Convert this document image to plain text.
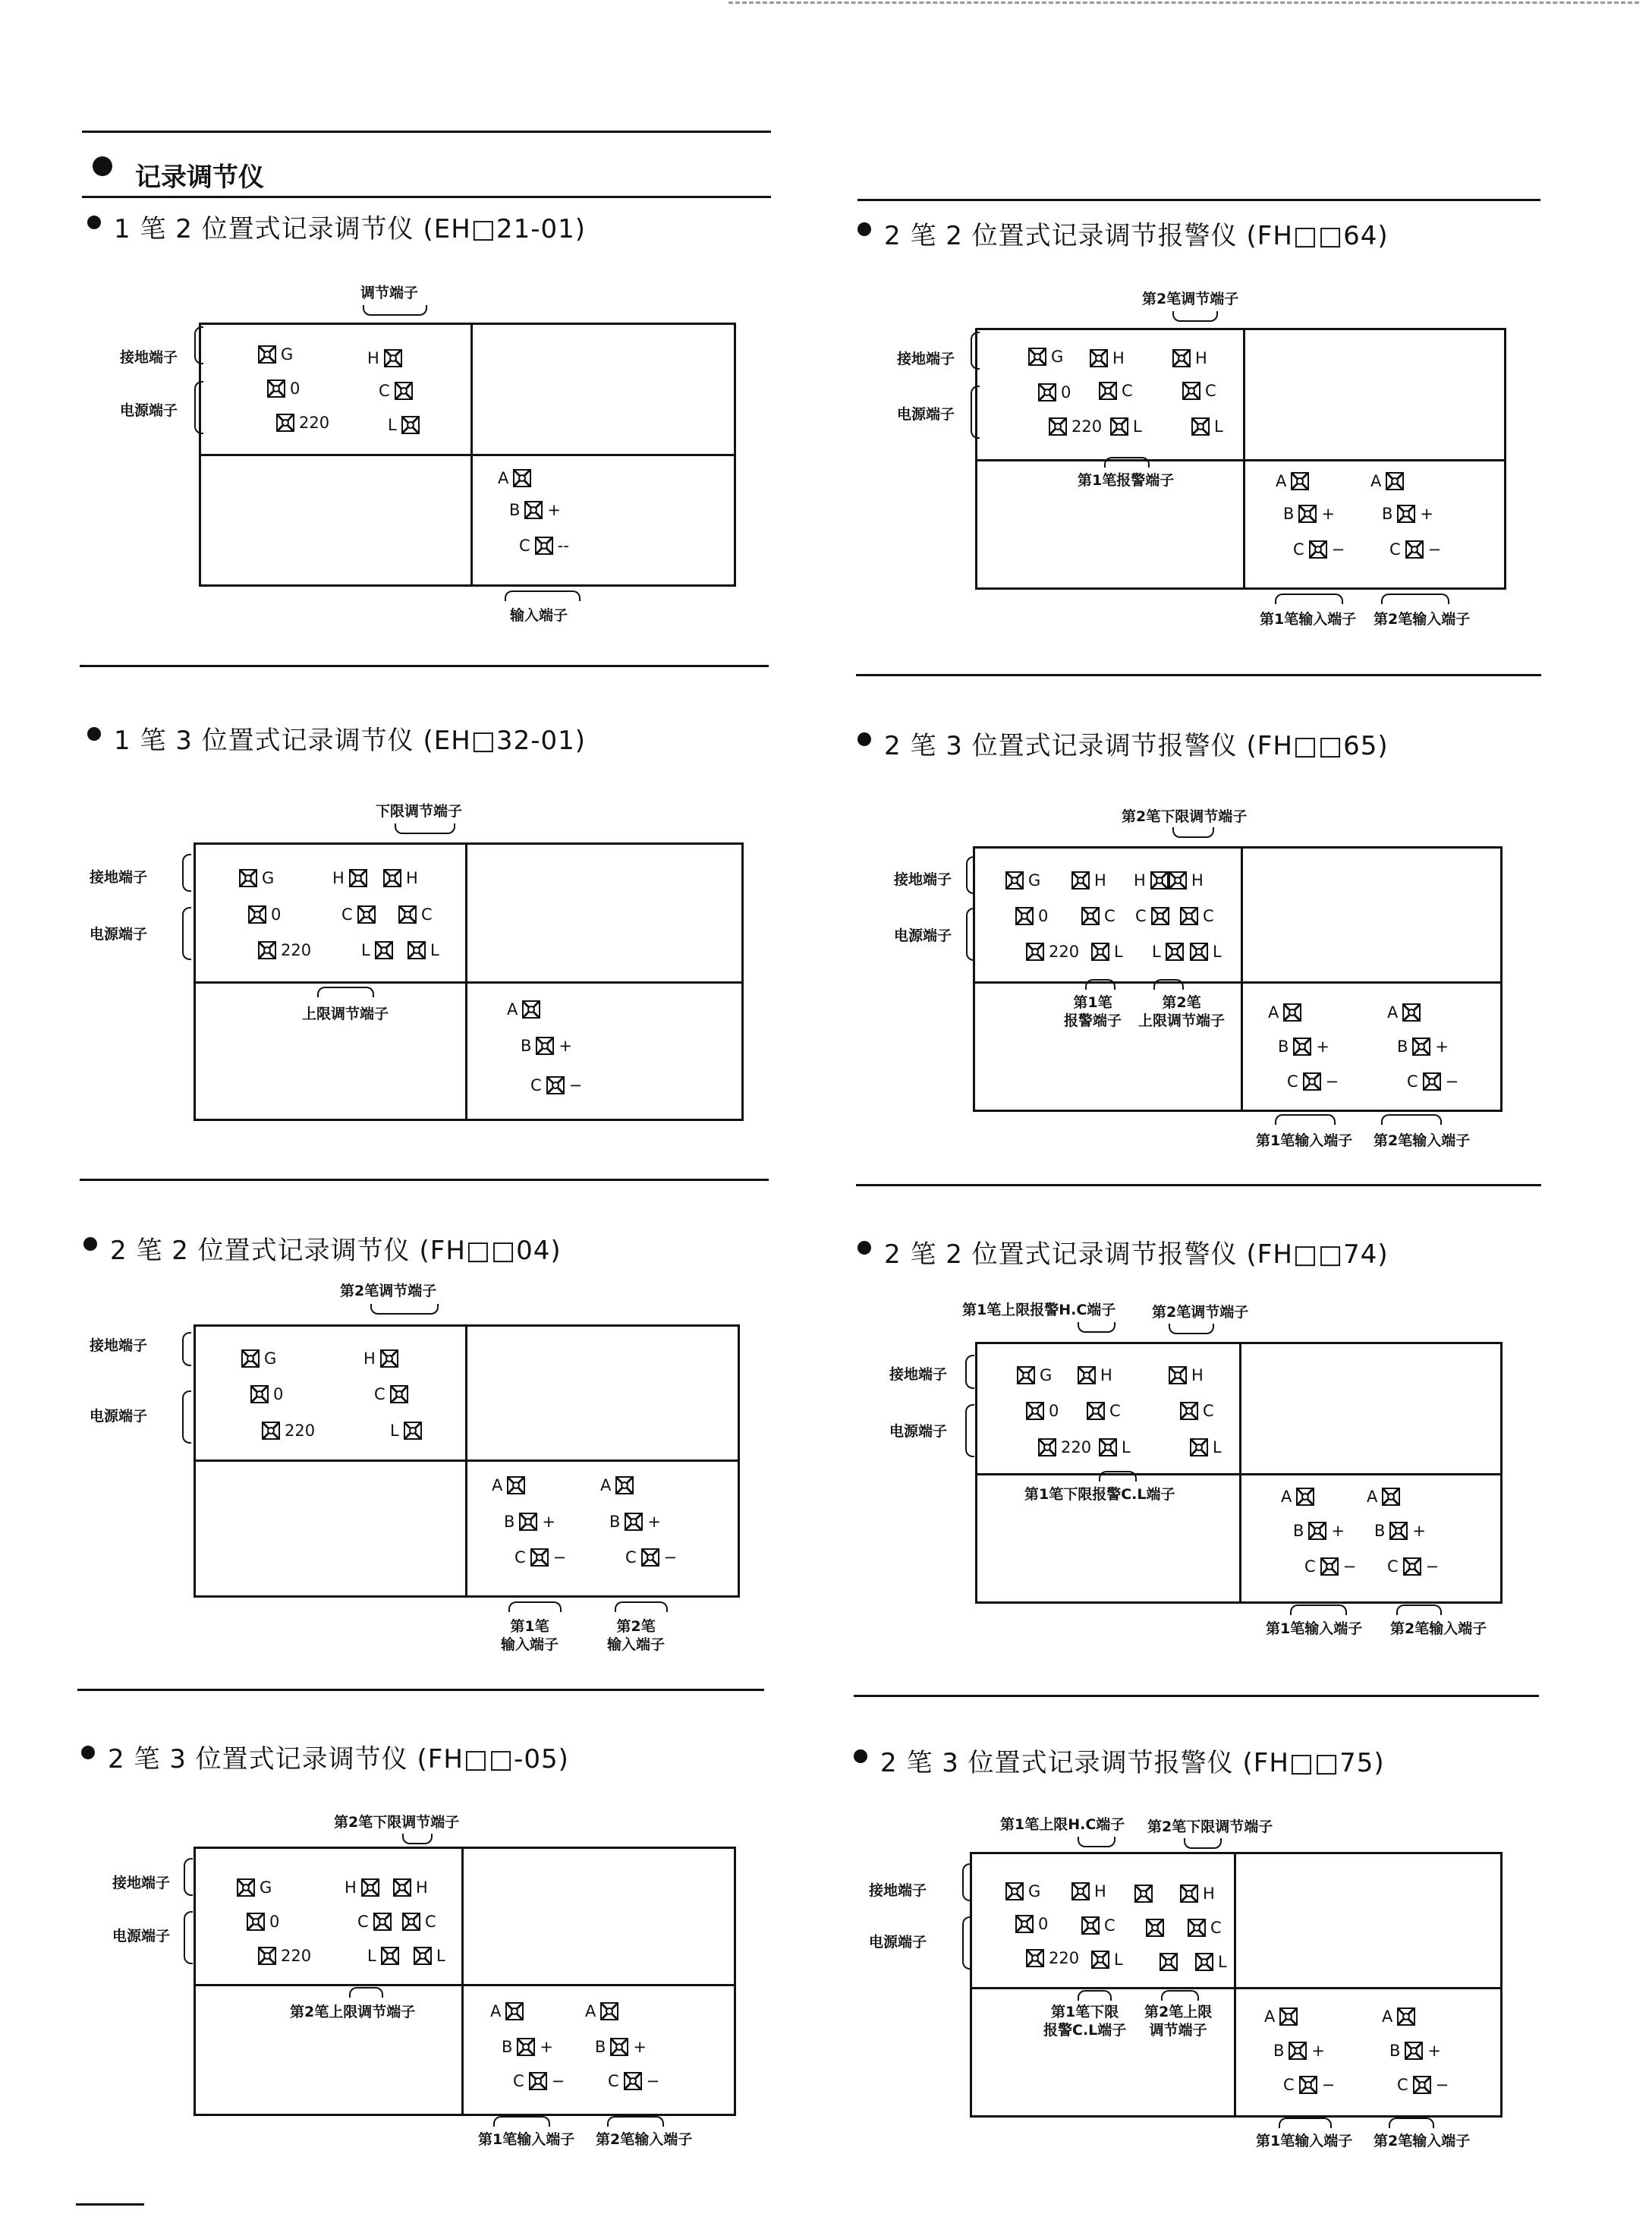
记录调节仪
1 笔 2 位置式记录调节仪 (EH□21-01)
接地端子
电源端子
调节端子
输入端子
G
0
220
H
C
L
A
B +
C --
2 笔 2 位置式记录调节报警仪 (FH□□64)
接地端子
电源端子
第2笔调节端子
第1笔输入端子 第2笔输入端子
第1笔报警端子
G
0
220
H
C
L
H
C
L
A
B +
C −
A
B +
C −
1 笔 3 位置式记录调节仪 (EH□32-01)
接地端子
电源端子
下限调节端子
上限调节端子
G
0
220
H
C
L
H
C
L
A
B +
C −
2 笔 3 位置式记录调节报警仪 (FH□□65)
接地端子
电源端子
第2笔下限调节端子
第1笔输入端子 第2笔输入端子
第1笔
报警端子
第2笔
上限调节端子
G
0
220
H
C
L
H
C
L
H
C
L
A
B +
C −
A
B +
C −
2 笔 2 位置式记录调节仪 (FH□□04)
接地端子
电源端子
第2笔调节端子
第1笔
输入端子
第2笔
输入端子
G
0
220
H
C
L
A
B +
C −
A
B +
C −
2 笔 2 位置式记录调节报警仪 (FH□□74)
接地端子
电源端子
第1笔上限报警H.C端子	第2笔调节端子
第1笔输入端子 第2笔输入端子
第1笔下限报警C.L端子
G
0
220
H
C
L
H
C
L
A
B +
C −
A
B +
C −
2 笔 3 位置式记录调节仪 (FH□□-05)
接地端子
电源端子
第2笔下限调节端子
第1笔输入端子 第2笔输入端子
第2笔上限调节端子
G
0
220
H
C
L
H
C
L
A
B +
C −
A
B +
C −
2 笔 3 位置式记录调节报警仪 (FH□□75)
接地端子
电源端子
第1笔上限H.C端子 第2笔下限调节端子
第1笔输入端子 第2笔输入端子
第1笔下限
报警C.L端子
第2笔上限
调节端子
G
0
220
H
C
L
H
C
L
A
B +
C −
A
B +
C −
